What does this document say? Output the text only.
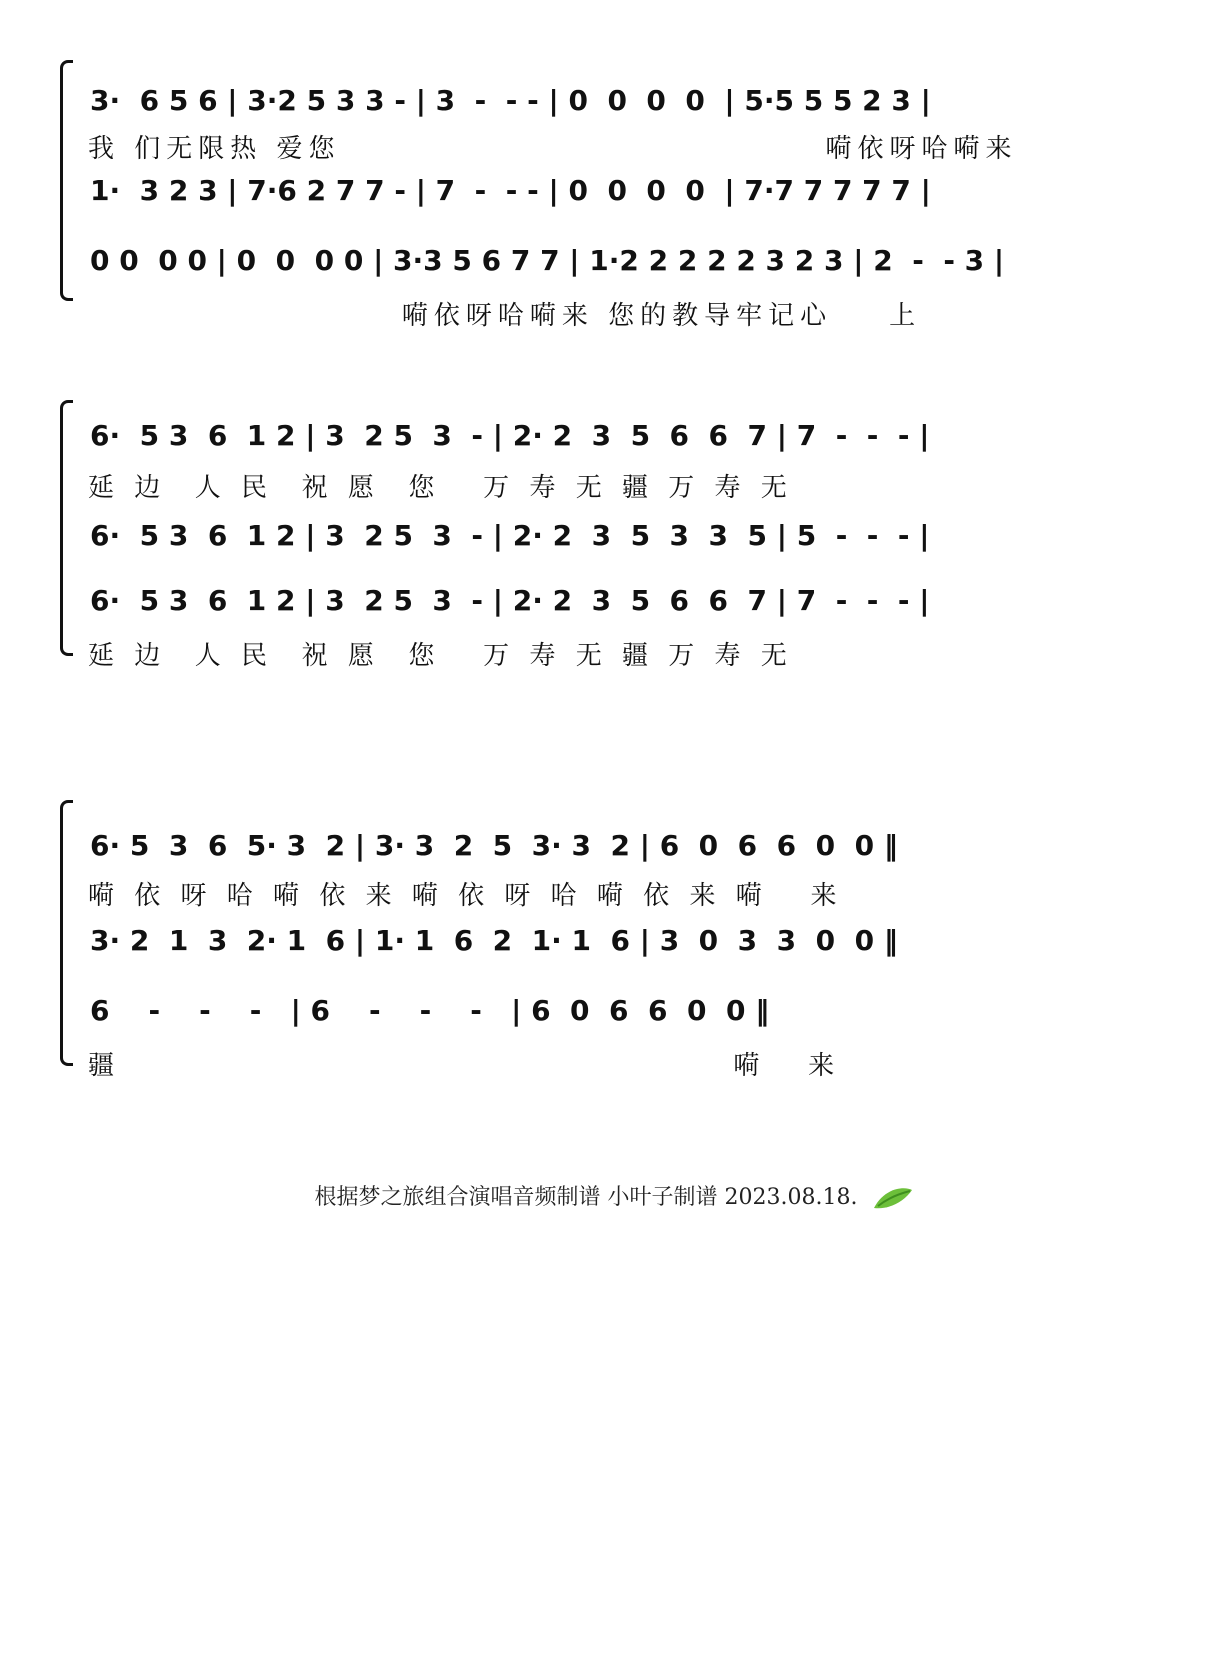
3·  6 5 6 | 3·2 5 3 3 - | 3  -  - - | 0  0  0  0  | 5·5 5 5 2 3 |
我 们无限热 爱您                                  嗬依呀哈嗬来
1·  3 2 3 | 7·6 2 7 7 - | 7  -  - - | 0  0  0  0  | 7·7 7 7 7 7 |
0 0  0 0 | 0  0  0 0 | 3·3 5 6 7 7 | 1·2 2 2 2 2 3 2 3 | 2  -  - 3 |
嗬依呀哈嗬来 您的教导牢记心    上
6·  5 3  6  1 2 | 3  2 5  3  - | 2· 2  3  5  6  6  7 | 7  -  -  - |
延 边  人 民  祝 愿  您   万 寿 无 疆 万 寿 无
6·  5 3  6  1 2 | 3  2 5  3  - | 2· 2  3  5  3  3  5 | 5  -  -  - |
6·  5 3  6  1 2 | 3  2 5  3  - | 2· 2  3  5  6  6  7 | 7  -  -  - |
延 边  人 民  祝 愿  您   万 寿 无 疆 万 寿 无
6· 5  3  6  5· 3  2 | 3· 3  2  5  3· 3  2 | 6  0  6  6  0  0 ‖
嗬 依 呀 哈 嗬 依 来 嗬 依 呀 哈 嗬 依 来 嗬   来
3· 2  1  3  2· 1  6 | 1· 1  6  2  1· 1  6 | 3  0  3  3  0  0 ‖
6    -    -    -   | 6    -    -    -   | 6  0  6  6  0  0 ‖
疆                                           嗬   来
根据梦之旅组合演唱音频制谱 小叶子制谱 2023.08.18.
